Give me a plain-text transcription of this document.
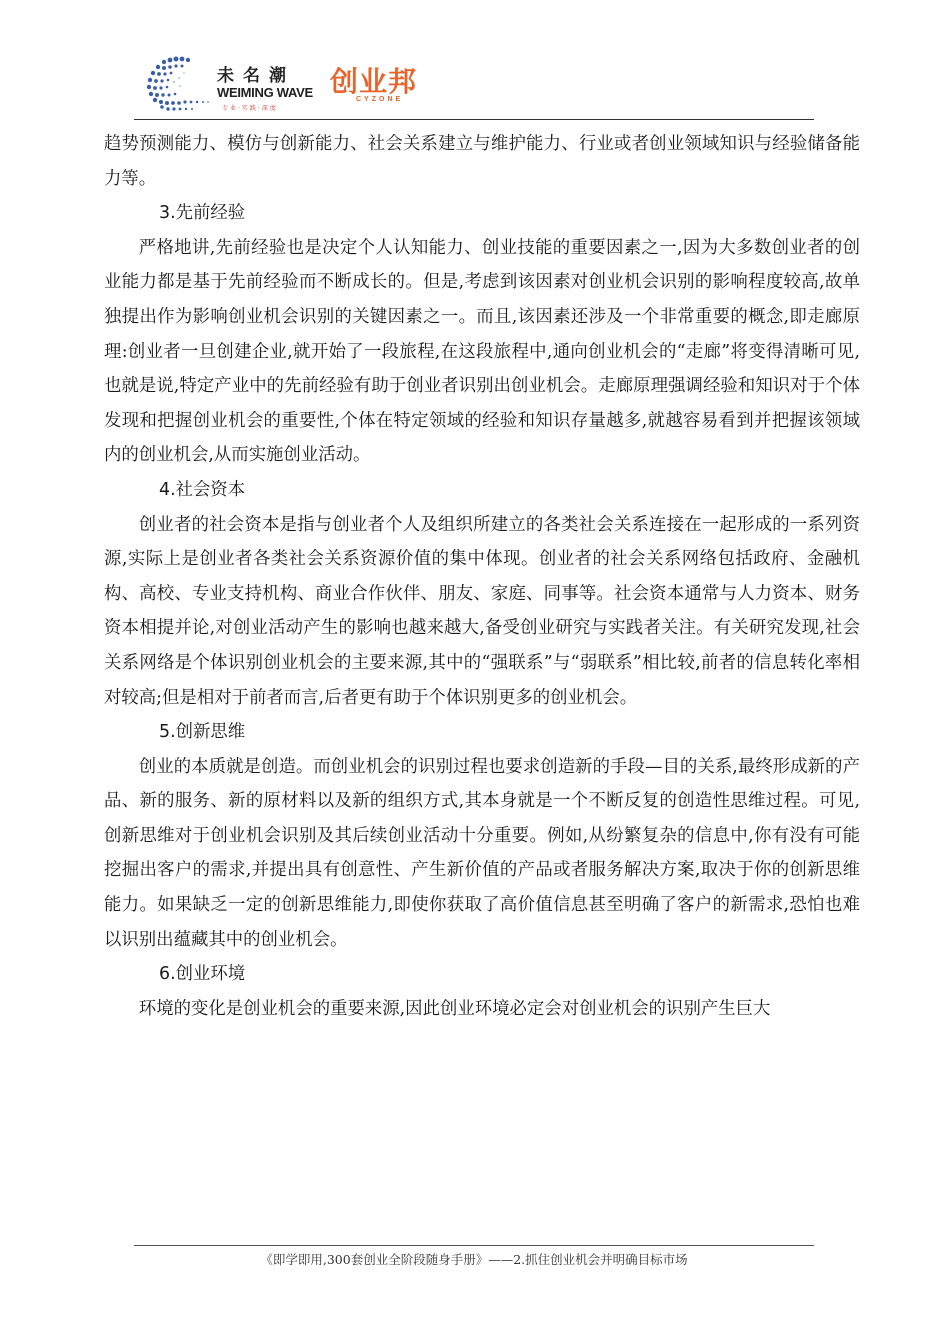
未名潮
WEIMING WAVE
专业·实践·深度
创业邦
CYZONE

趋势预测能力、模仿与创新能力、社会关系建立与维护能力、行业或者创业领域知识与经验储备能力等。

3.先前经验

严格地讲,先前经验也是决定个人认知能力、创业技能的重要因素之一,因为大多数创业者的创业能力都是基于先前经验而不断成长的。但是,考虑到该因素对创业机会识别的影响程度较高,故单独提出作为影响创业机会识别的关键因素之一。而且,该因素还涉及一个非常重要的概念,即走廊原理:创业者一旦创建企业,就开始了一段旅程,在这段旅程中,通向创业机会的“走廊”将变得清晰可见,也就是说,特定产业中的先前经验有助于创业者识别出创业机会。走廊原理强调经验和知识对于个体发现和把握创业机会的重要性,个体在特定领域的经验和知识存量越多,就越容易看到并把握该领域内的创业机会,从而实施创业活动。

4.社会资本

创业者的社会资本是指与创业者个人及组织所建立的各类社会关系连接在一起形成的一系列资源,实际上是创业者各类社会关系资源价值的集中体现。创业者的社会关系网络包括政府、金融机构、高校、专业支持机构、商业合作伙伴、朋友、家庭、同事等。社会资本通常与人力资本、财务资本相提并论,对创业活动产生的影响也越来越大,备受创业研究与实践者关注。有关研究发现,社会关系网络是个体识别创业机会的主要来源,其中的“强联系”与“弱联系”相比较,前者的信息转化率相对较高;但是相对于前者而言,后者更有助于个体识别更多的创业机会。

5.创新思维

创业的本质就是创造。而创业机会的识别过程也要求创造新的手段—目的关系,最终形成新的产品、新的服务、新的原材料以及新的组织方式,其本身就是一个不断反复的创造性思维过程。可见,创新思维对于创业机会识别及其后续创业活动十分重要。例如,从纷繁复杂的信息中,你有没有可能挖掘出客户的需求,并提出具有创意性、产生新价值的产品或者服务解决方案,取决于你的创新思维能力。如果缺乏一定的创新思维能力,即使你获取了高价值信息甚至明确了客户的新需求,恐怕也难以识别出蕴藏其中的创业机会。

6.创业环境

环境的变化是创业机会的重要来源,因此创业环境必定会对创业机会的识别产生巨大

《即学即用,300套创业全阶段随身手册》——2.抓住创业机会并明确目标市场
